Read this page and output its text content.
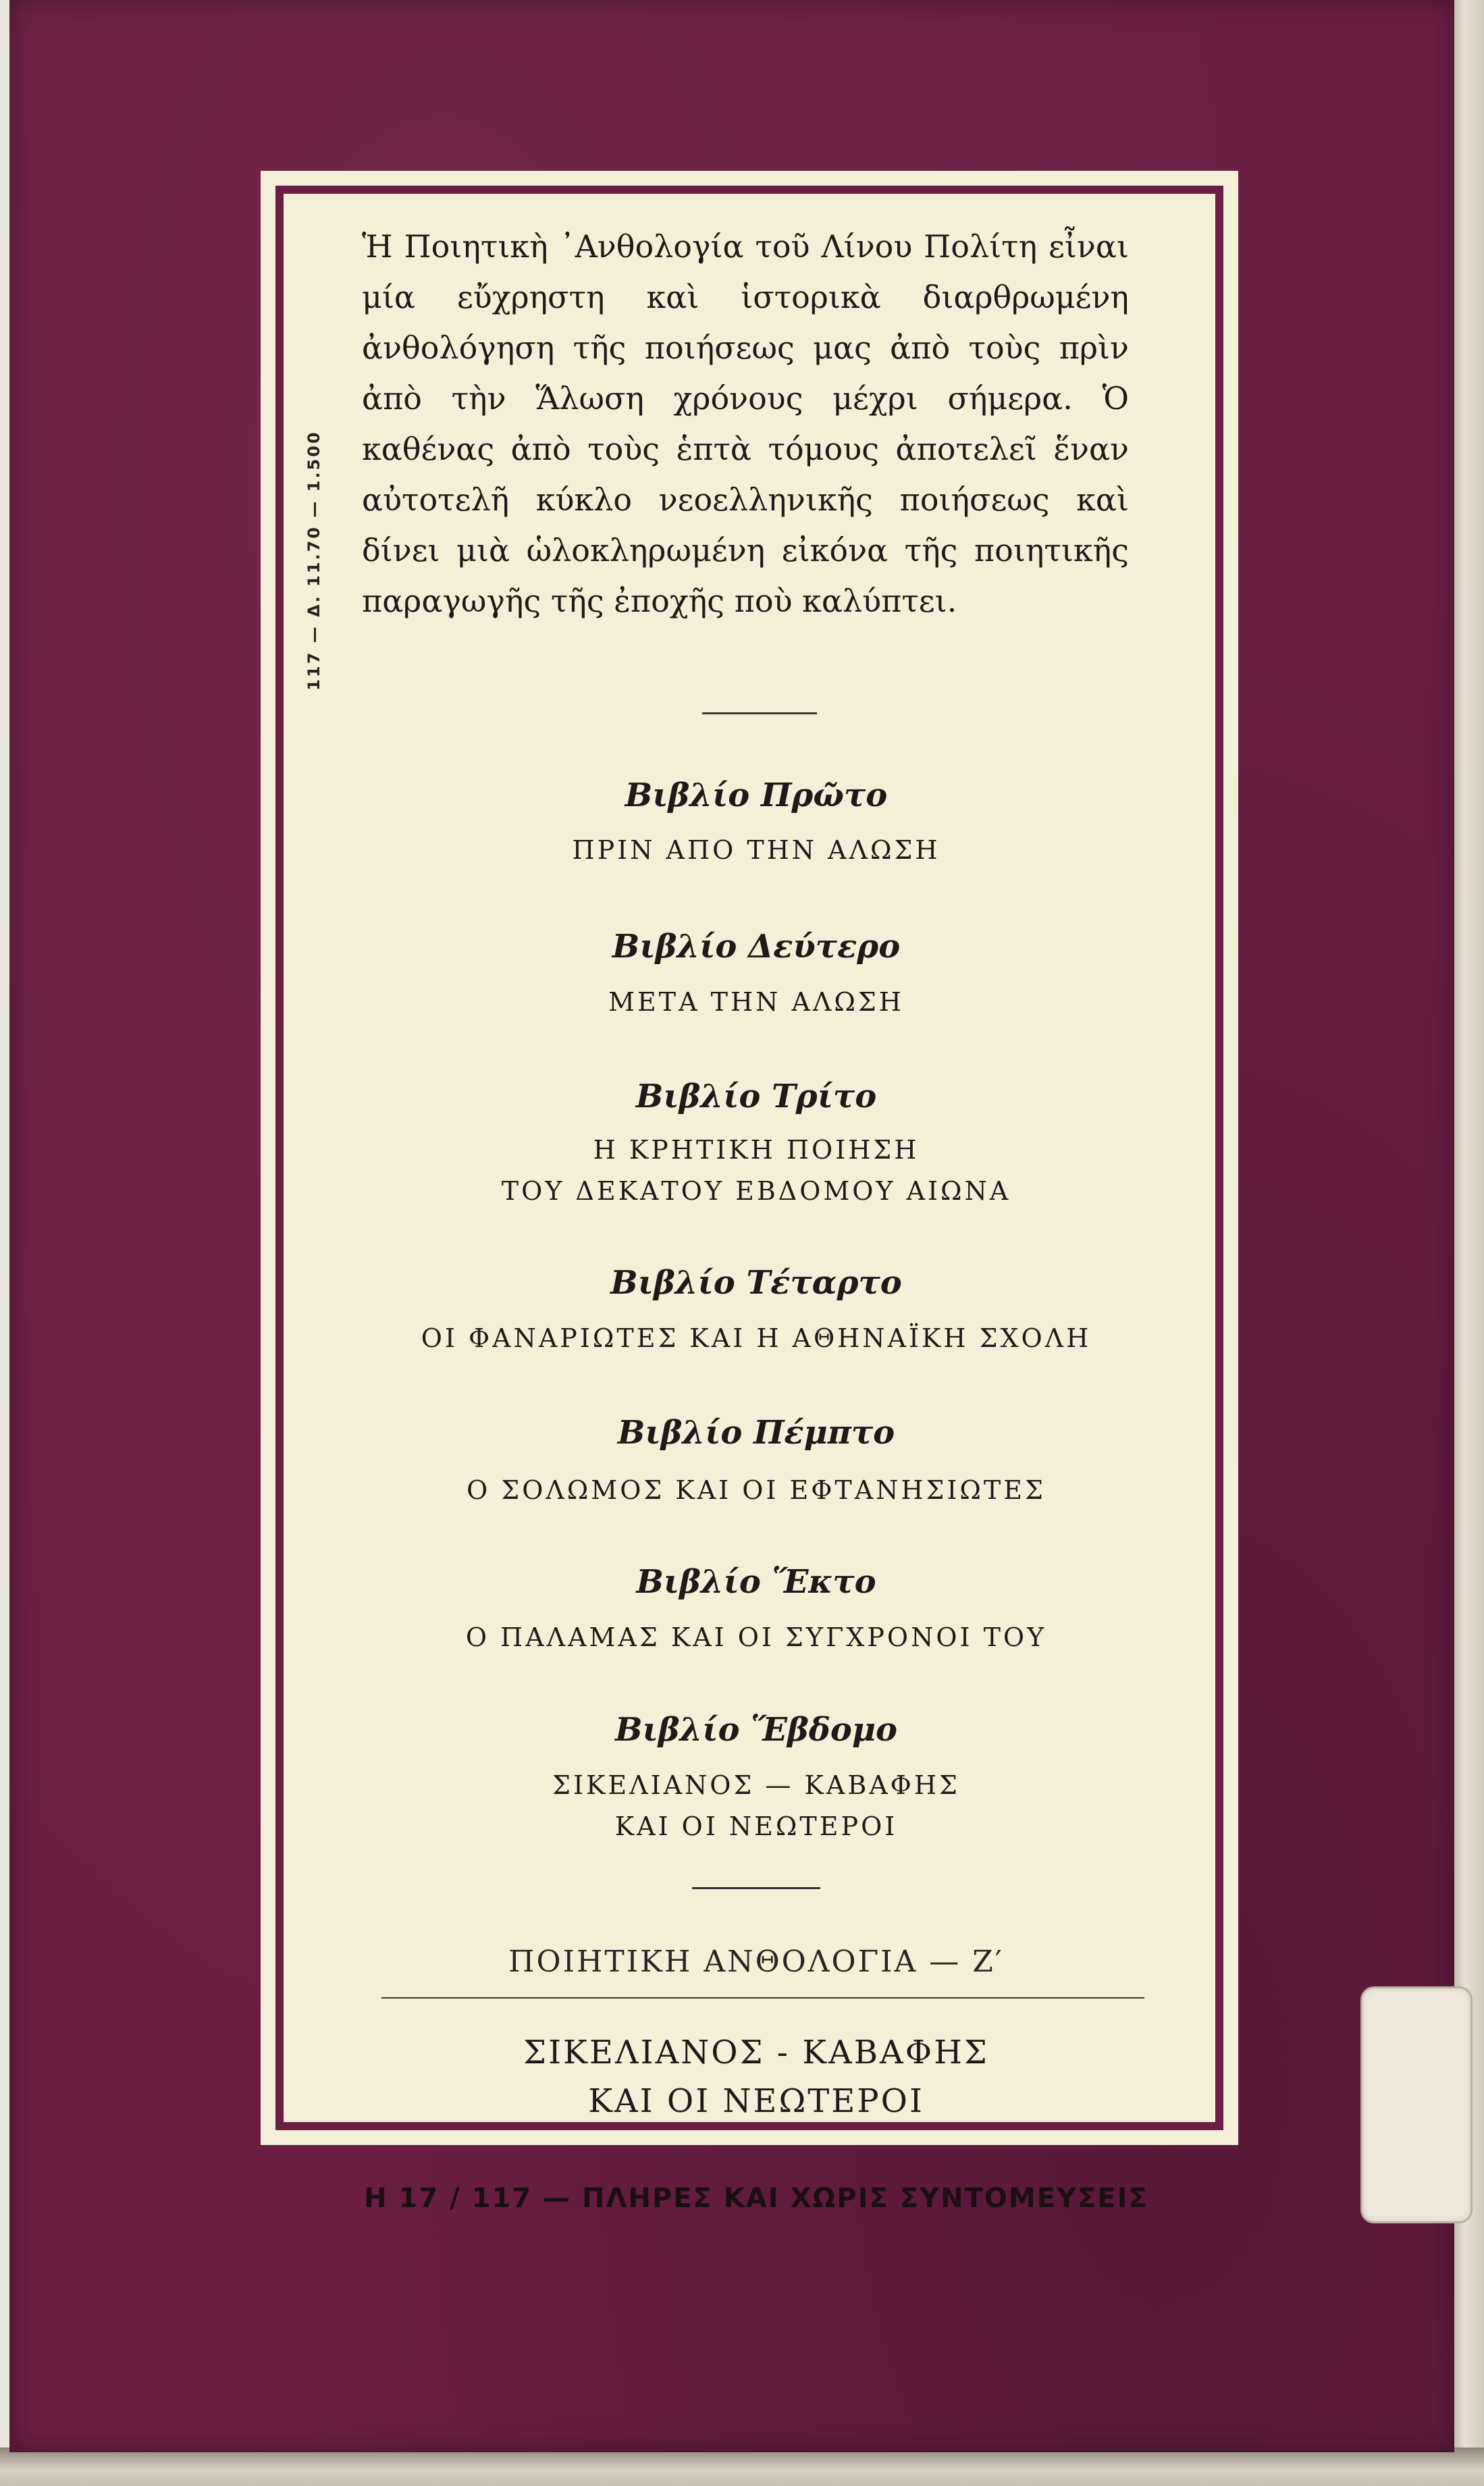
117 — Δ. 11.70 — 1.500

Ἡ Ποιητικὴ ᾿Ανθολογία τοῦ Λίνου Πολίτη εἶναι μία εὔχρηστη καὶ ἱστορικὰ διαρθρωμένη ἀνθολόγηση τῆς ποιήσεως μας ἀπὸ τοὺς πρὶν ἀπὸ τὴν Ἅλωση χρόνους μέχρι σήμερα. Ὁ καθένας ἀπὸ τοὺς ἑπτὰ τόμους ἀποτελεῖ ἕναν αὐτοτελῆ κύκλο νεοελληνικῆς ποιήσεως καὶ δίνει μιὰ ὡλοκληρωμένη εἰκόνα τῆς ποιητικῆς παραγωγῆς τῆς ἐποχῆς ποὺ καλύπτει.

Βιβλίο Πρῶτο

ΠΡΙΝ ΑΠΟ ΤΗΝ ΑΛΩΣΗ

Βιβλίο Δεύτερο

ΜΕΤΑ ΤΗΝ ΑΛΩΣΗ

Βιβλίο Τρίτο

Η ΚΡΗΤΙΚΗ ΠΟΙΗΣΗ

ΤΟΥ ΔΕΚΑΤΟΥ ΕΒΔΟΜΟΥ ΑΙΩΝΑ

Βιβλίο Τέταρτο

ΟΙ ΦΑΝΑΡΙΩΤΕΣ ΚΑΙ Η ΑΘΗΝΑΪΚΗ ΣΧΟΛΗ

Βιβλίο Πέμπτο

Ο ΣΟΛΩΜΟΣ ΚΑΙ ΟΙ ΕΦΤΑΝΗΣΙΩΤΕΣ

Βιβλίο Ἕκτο

Ο ΠΑΛΑΜΑΣ ΚΑΙ ΟΙ ΣΥΓΧΡΟΝΟΙ ΤΟΥ

Βιβλίο Ἕβδομο

ΣΙΚΕΛΙΑΝΟΣ — ΚΑΒΑΦΗΣ

ΚΑΙ ΟΙ ΝΕΩΤΕΡΟΙ

ΠΟΙΗΤΙΚΗ ΑΝΘΟΛΟΓΙΑ — Ζ′

ΣΙΚΕΛΙΑΝΟΣ - ΚΑΒΑΦΗΣ
ΚΑΙ ΟΙ ΝΕΩΤΕΡΟΙ
Η 17 / 117 — ΠΛΗΡΕΣ ΚΑΙ ΧΩΡΙΣ ΣΥΝΤΟΜΕΥΣΕΙΣ
